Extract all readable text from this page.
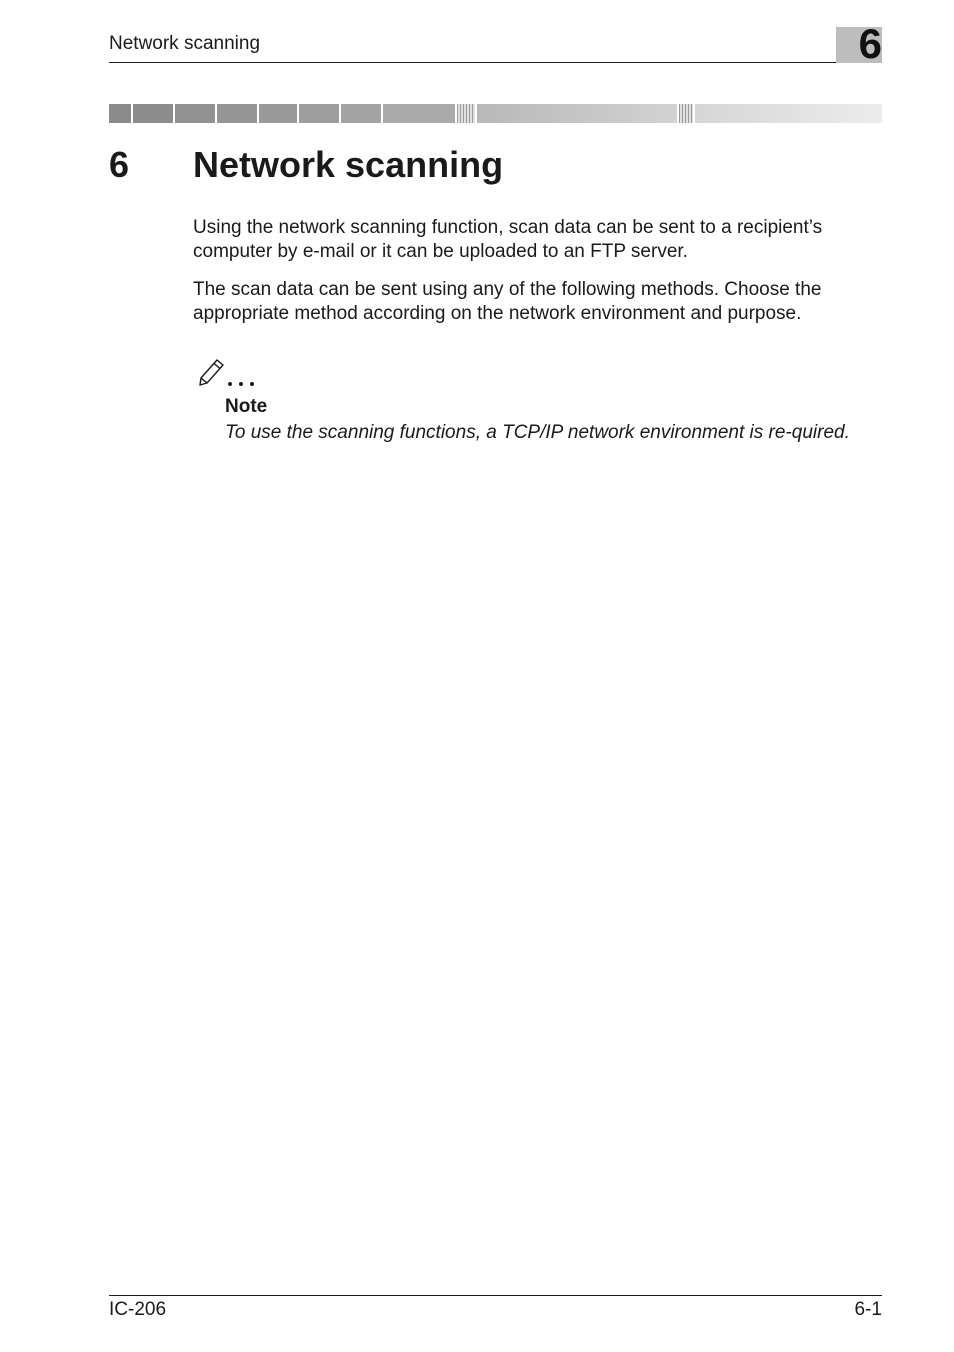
Network scanning	6
6	Network scanning

Using the network scanning function, scan data can be sent to a recipient’s computer by e-mail or it can be uploaded to an FTP server.

The scan data can be sent using any of the following methods. Choose the appropriate method according on the network environment and purpose.

Note

To use the scanning functions, a TCP/IP network environment is re-quired.

IC-206	6-1
